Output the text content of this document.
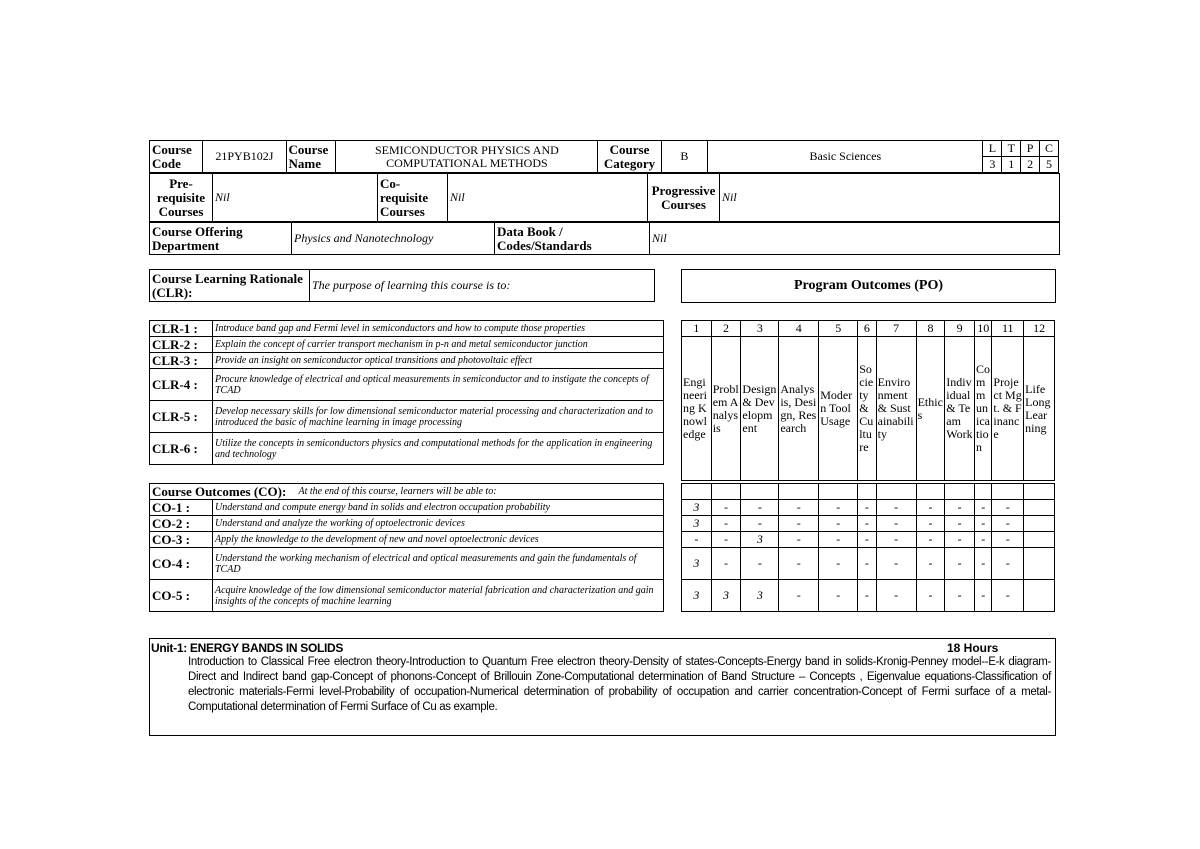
Course Code	21PYB102J	Course Name	SEMICONDUCTOR PHYSICS AND COMPUTATIONAL METHODS	Course Category	B	Basic Sciences	L	T	P	C
							3	1	2	5
Pre-requisite Courses	Nil	Co-requisite Courses	Nil	Progressive Courses	Nil
Course Offering Department	Physics and Nanotechnology	Data Book / Codes/Standards	Nil
Course Learning Rationale (CLR):	The purpose of learning this course is to:	Program Outcomes (PO)
CLR-1 :	Introduce band gap and Fermi level in semiconductors and how to compute those properties
CLR-2 :	Explain the concept of carrier transport mechanism in p-n and metal semiconductor junction
CLR-3 :	Provide an insight on semiconductor optical transitions and photovoltaic effect
CLR-4 :	Procure knowledge of electrical and optical measurements in semiconductor and to instigate the concepts of TCAD
CLR-5 :	Develop necessary skills for low dimensional semiconductor material processing and characterization and to introduced the basic of machine learning in image processing
CLR-6 :	Utilize the concepts in semiconductors physics and computational methods for the application in engineering and technology
1	2	3	4	5	6	7	8	9	10	11	12
Engineering Knowledge	Problem Analysis	Design & Development	Analysis, Design, Research	Modern Tool Usage	Society & Culture	Environment & Sustainability	Ethics	Individual & Team Work	Communication	Project Mgt. & Finance	Life Long Learning
Course Outcomes (CO):	At the end of this course, learners will be able to:
CO-1 :	Understand and compute energy band in solids and electron occupation probability
CO-2 :	Understand and analyze the working of optoelectronic devices
CO-3 :	Apply the knowledge to the development of new and novel optoelectronic devices
CO-4 :	Understand the working mechanism of electrical and optical measurements and gain the fundamentals of TCAD
CO-5 :	Acquire knowledge of the low dimensional semiconductor material fabrication and characterization and gain insights of the concepts of machine learning

3	-	-	-	-	-	-	-	-	-	-	
3	-	-	-	-	-	-	-	-	-	-	
-	-	3	-	-	-	-	-	-	-	-	
3	-	-	-	-	-	-	-	-	-	-	
3	3	3	-	-	-	-	-	-	-	-	
Unit-1: ENERGY BANDS IN SOLIDS	18 Hours
Introduction to Classical Free electron theory-Introduction to Quantum Free electron theory-Density of states-Concepts-Energy band in solids-Kronig-Penney model--E-k diagram-Direct and Indirect band gap-Concept of phonons-Concept of Brillouin Zone-Computational determination of Band Structure – Concepts , Eigenvalue equations-Classification of electronic materials-Fermi level-Probability of occupation-Numerical determination of probability of occupation and carrier concentration-Concept of Fermi surface of a metal-Computational determination of Fermi Surface of Cu as example.
